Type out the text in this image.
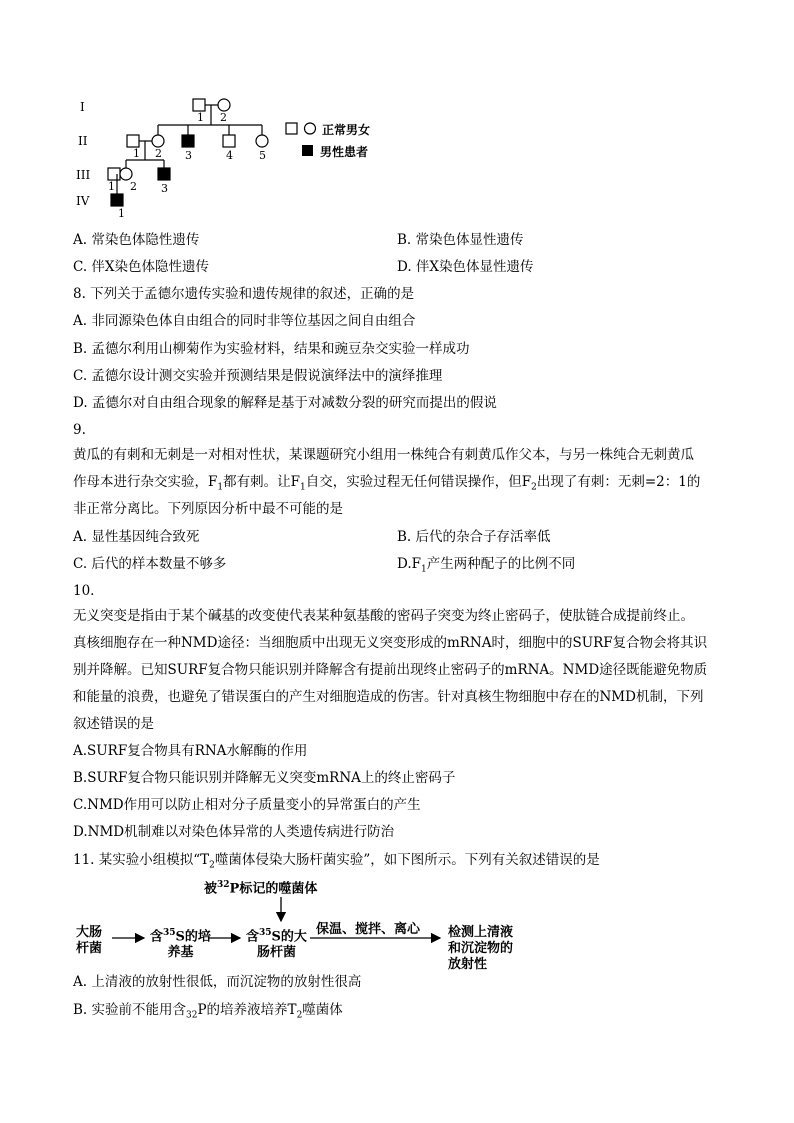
I
II
III
IV
1 2
1 2 3	4 5
1 2 3
1
正常男女
男性患者
A. 常染色体隐性遗传	B. 常染色体显性遗传
C. 伴X染色体隐性遗传	D. 伴X染色体显性遗传
8. 下列关于孟德尔遗传实验和遗传规律的叙述，正确的是
A. 非同源染色体自由组合的同时非等位基因之间自由组合
B. 孟德尔利用山柳菊作为实验材料，结果和豌豆杂交实验一样成功
C. 孟德尔设计测交实验并预测结果是假说演绎法中的演绎推理
D. 孟德尔对自由组合现象的解释是基于对减数分裂的研究而提出的假说
9.
黄瓜的有刺和无刺是一对相对性状，某课题研究小组用一株纯合有刺黄瓜作父本，与另一株纯合无刺黄瓜
作母本进行杂交实验，$F_1$都有刺。让$F_1$自交，实验过程无任何错误操作，但$F_2$出现了有刺：无刺=2：1的
非正常分离比。下列原因分析中最不可能的是
A. 显性基因纯合致死	B. 后代的杂合子存活率低
C. 后代的样本数量不够多	$D.F_1$产生两种配子的比例不同
10.
无义突变是指由于某个碱基的改变使代表某种氨基酸的密码子突变为终止密码子，使肽链合成提前终止。
真核细胞存在一种NMD途径：当细胞质中出现无义突变形成的mRNA时，细胞中的SURF复合物会将其识
别并降解。已知SURF复合物只能识别并降解含有提前出现终止密码子的mRNA。NMD途径既能避免物质
和能量的浪费，也避免了错误蛋白的产生对细胞造成的伤害。针对真核生物细胞中存在的NMD机制，下列
叙述错误的是
A.SURF复合物具有RNA水解酶的作用
B.SURF复合物只能识别并降解无义突变mRNA上的终止密码子
C.NMD作用可以防止相对分子质量变小的异常蛋白的产生
D.NMD机制难以对染色体异常的人类遗传病进行防治
11. 某实验小组模拟“$T_2$噬菌体侵染大肠杆菌实验”，如下图所示。下列有关叙述错误的是
被$^{32}$P标记的噬菌体
大肠
杆菌
含$^{35}$S的培
养基
含$^{35}$S的大
肠杆菌
保温、搅拌、离心 检测上清液
和沉淀物的
放射性
A. 上清液的放射性很低，而沉淀物的放射性很高
B. 实验前不能用含$_{32}$P的培养液培养$T_2$噬菌体
